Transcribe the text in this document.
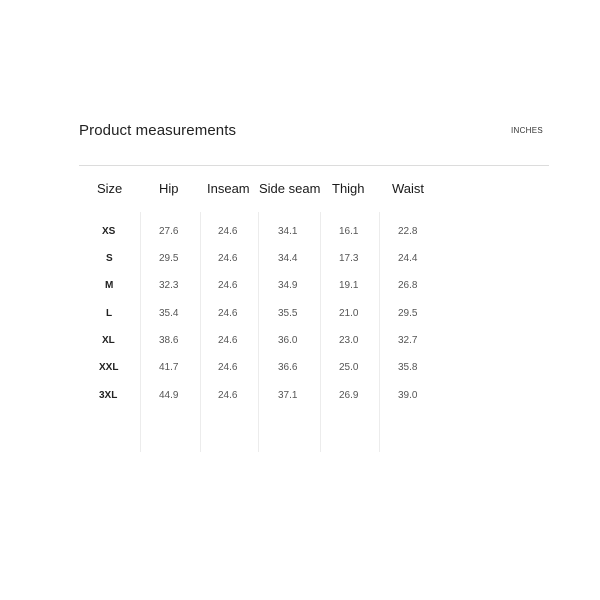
Product measurements	INCHES
Size
XS
S
M
L
XL
XXL
3XL
Hip
27.6
29.5
32.3
35.4
38.6
41.7
44.9
Inseam
24.6
24.6
24.6
24.6
24.6
24.6
24.6
Side seam
34.1
34.4
34.9
35.5
36.0
36.6
37.1
Thigh
16.1
17.3
19.1
21.0
23.0
25.0
26.9
Waist
22.8
24.4
26.8
29.5
32.7
35.8
39.0
